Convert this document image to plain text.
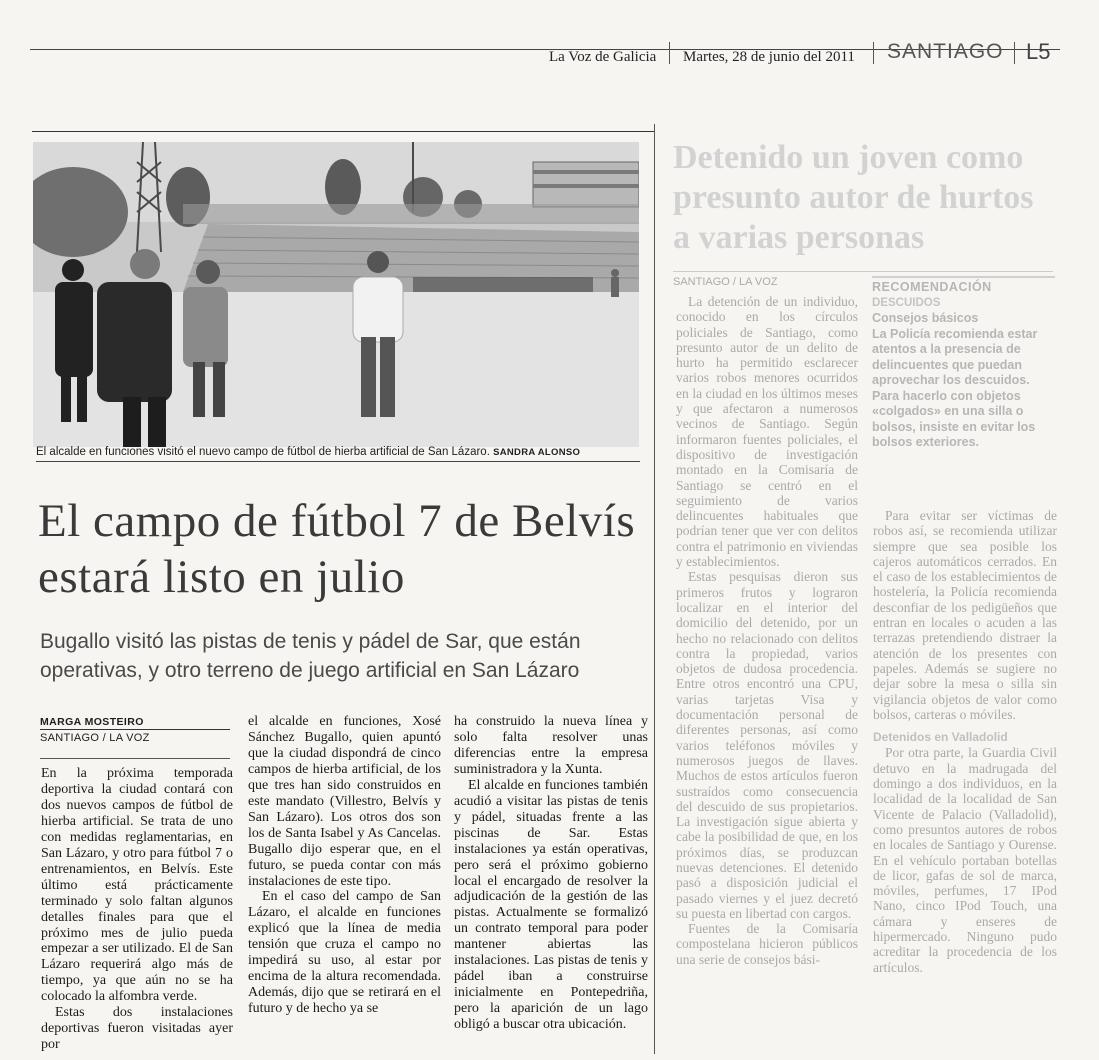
La Voz de Galicia Martes, 28 de junio del 2011 SANTIAGO L5
El alcalde en funciones visitó el nuevo campo de fútbol de hierba artificial de San Lázaro. SANDRA ALONSO
El campo de fútbol 7 de Belvís estará listo en julio

Bugallo visitó las pistas de tenis y pádel de Sar, que están operativas, y otro terreno de juego artificial en San Lázaro

MARGA MOSTEIRO
SANTIAGO / LA VOZ

En la próxima temporada deportiva la ciudad contará con dos nuevos campos de fútbol de hierba artificial. Se trata de uno con medidas reglamentarias, en San Lázaro, y otro para fútbol 7 o entrenamientos, en Belvís. Este último está prácticamente terminado y solo faltan algunos detalles finales para que el próximo mes de julio pueda empezar a ser utilizado. El de San Lázaro requerirá algo más de tiempo, ya que aún no se ha colocado la alfombra verde.

Estas dos instalaciones deportivas fueron visitadas ayer por

el alcalde en funciones, Xosé Sánchez Bugallo, quien apuntó que la ciudad dispondrá de cinco campos de hierba artificial, de los que tres han sido construidos en este mandato (Villestro, Belvís y San Lázaro). Los otros dos son los de Santa Isabel y As Cancelas. Bugallo dijo esperar que, en el futuro, se pueda contar con más instalaciones de este tipo.

En el caso del campo de San Lázaro, el alcalde en funciones explicó que la línea de media tensión que cruza el campo no impedirá su uso, al estar por encima de la altura recomendada. Además, dijo que se retirará en el futuro y de hecho ya se

ha construido la nueva línea y solo falta resolver unas diferencias entre la empresa suministradora y la Xunta.

El alcalde en funciones también acudió a visitar las pistas de tenis y pádel, situadas frente a las piscinas de Sar. Estas instalaciones ya están operativas, pero será el próximo gobierno local el encargado de resolver la adjudicación de la gestión de las pistas. Actualmente se formalizó un contrato temporal para poder mantener abiertas las instalaciones. Las pistas de tenis y pádel iban a construirse inicialmente en Pontepedriña, pero la aparición de un lago obligó a buscar otra ubicación.

Detenido un joven como presunto autor de hurtos a varias personas
SANTIAGO / LA VOZ

La detención de un individuo, conocido en los círculos policiales de Santiago, como presunto autor de un delito de hurto ha permitido esclarecer varios robos menores ocurridos en la ciudad en los últimos meses y que afectaron a numerosos vecinos de Santiago. Según informaron fuentes policiales, el dispositivo de investigación montado en la Comisaría de Santiago se centró en el seguimiento de varios delincuentes habituales que podrían tener que ver con delitos contra el patrimonio en viviendas y establecimientos.

Estas pesquisas dieron sus primeros frutos y lograron localizar en el interior del domicilio del detenido, por un hecho no relacionado con delitos contra la propiedad, varios objetos de dudosa procedencia. Entre otros encontró una CPU, varias tarjetas Visa y documentación personal de diferentes personas, así como varios teléfonos móviles y numerosos juegos de llaves. Muchos de estos artículos fueron sustraídos como consecuencia del descuido de sus propietarios. La investigación sigue abierta y cabe la posibilidad de que, en los próximos días, se produzcan nuevas detenciones. El detenido pasó a disposición judicial el pasado viernes y el juez decretó su puesta en libertad con cargos.

Fuentes de la Comisaría compostelana hicieron públicos una serie de consejos bási-

RECOMENDACIÓN
DESCUIDOS
Consejos básicos
La Policía recomienda estar atentos a la presencia de delincuentes que puedan aprovechar los descuidos. Para hacerlo con objetos «colgados» en una silla o bolsos, insiste en evitar los bolsos exteriores.

Para evitar ser víctimas de robos así, se recomienda utilizar siempre que sea posible los cajeros automáticos cerrados. En el caso de los establecimientos de hostelería, la Policía recomienda desconfiar de los pedigüeños que entran en locales o acuden a las terrazas pretendiendo distraer la atención de los presentes con papeles. Además se sugiere no dejar sobre la mesa o silla sin vigilancia objetos de valor como bolsos, carteras o móviles.

Detenidos en Valladolid

Por otra parte, la Guardia Civil detuvo en la madrugada del domingo a dos individuos, en la localidad de la localidad de San Vicente de Palacio (Valladolid), como presuntos autores de robos en locales de Santiago y Ourense. En el vehículo portaban botellas de licor, gafas de sol de marca, móviles, perfumes, 17 IPod Nano, cinco IPod Touch, una cámara y enseres de hipermercado. Ninguno pudo acreditar la procedencia de los artículos.
